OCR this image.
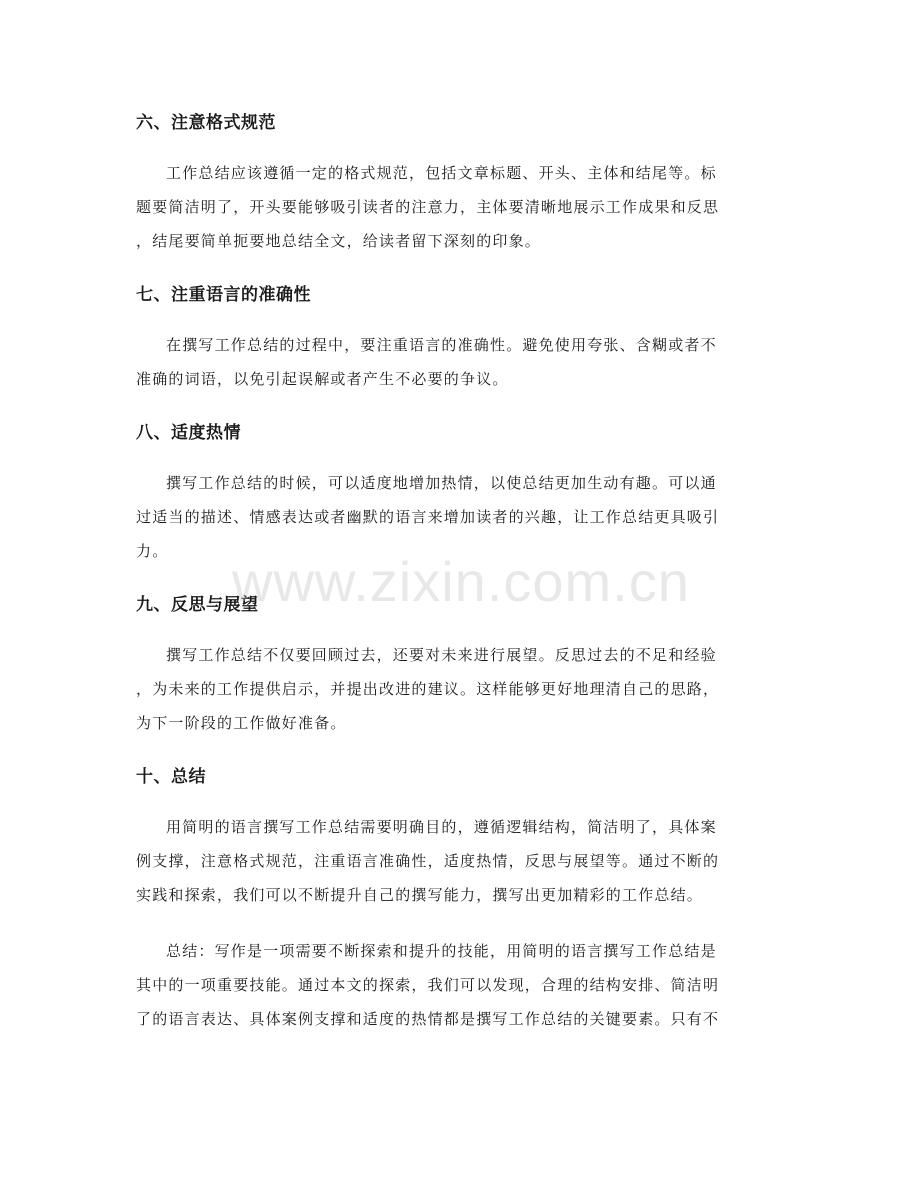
六、注意格式规范

工作总结应该遵循一定的格式规范，包括文章标题、开头、主体和结尾等。标
题要简洁明了，开头要能够吸引读者的注意力，主体要清晰地展示工作成果和反思
，结尾要简单扼要地总结全文，给读者留下深刻的印象。

七、注重语言的准确性

在撰写工作总结的过程中，要注重语言的准确性。避免使用夸张、含糊或者不
准确的词语，以免引起误解或者产生不必要的争议。

八、适度热情

撰写工作总结的时候，可以适度地增加热情，以使总结更加生动有趣。可以通
过适当的描述、情感表达或者幽默的语言来增加读者的兴趣，让工作总结更具吸引
力。

九、反思与展望

撰写工作总结不仅要回顾过去，还要对未来进行展望。反思过去的不足和经验
，为未来的工作提供启示，并提出改进的建议。这样能够更好地理清自己的思路，
为下一阶段的工作做好准备。

十、总结

用简明的语言撰写工作总结需要明确目的，遵循逻辑结构，简洁明了，具体案
例支撑，注意格式规范，注重语言准确性，适度热情，反思与展望等。通过不断的
实践和探索，我们可以不断提升自己的撰写能力，撰写出更加精彩的工作总结。

总结：写作是一项需要不断探索和提升的技能，用简明的语言撰写工作总结是
其中的一项重要技能。通过本文的探索，我们可以发现，合理的结构安排、简洁明
了的语言表达、具体案例支撑和适度的热情都是撰写工作总结的关键要素。只有不

www.zixin.com.cn
